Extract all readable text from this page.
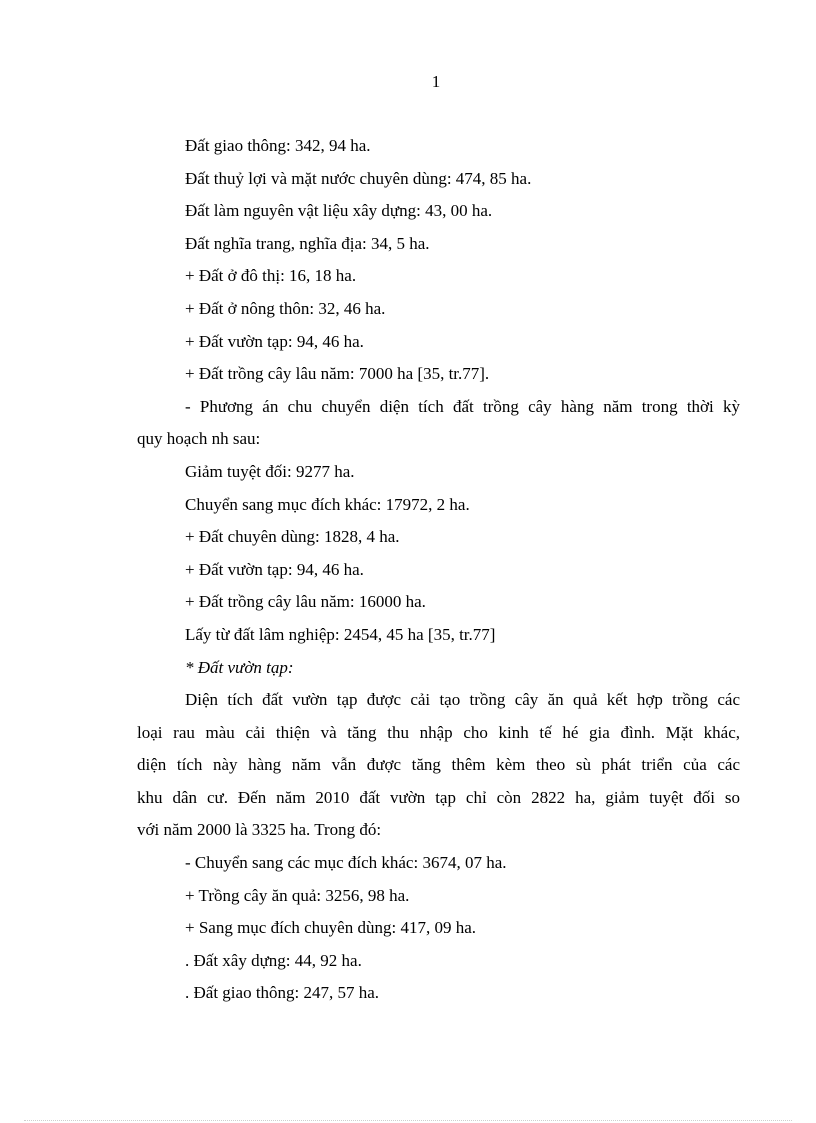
1
Đất giao thông: 342, 94 ha.
Đất thuỷ lợi và mặt nước chuyên dùng: 474, 85 ha.
Đất làm nguyên vật liệu xây dựng: 43, 00 ha.
Đất nghĩa trang, nghĩa địa: 34, 5 ha.
+ Đất ở đô thị: 16, 18 ha.
+ Đất ở nông thôn: 32, 46 ha.
+ Đất vườn tạp: 94, 46 ha.
+ Đất trồng cây lâu năm: 7000 ha [35, tr.77].
- Phương án chu chuyển diện tích đất trồng cây hàng năm trong thời kỳ
quy hoạch nh sau:
Giảm tuyệt đối: 9277 ha.
Chuyển sang mục đích khác: 17972, 2 ha.
+ Đất chuyên dùng: 1828, 4 ha.
+ Đất vườn tạp: 94, 46 ha.
+ Đất trồng cây lâu năm: 16000 ha.
Lấy từ đất lâm nghiệp: 2454, 45 ha [35, tr.77]
* Đất vườn tạp:
Diện tích đất vườn tạp được cải tạo trồng cây ăn quả kết hợp trồng các
loại rau màu cải thiện và tăng thu nhập cho kinh tế hé gia đình. Mặt khác,
diện tích này hàng năm vẫn được tăng thêm kèm theo sù phát triển của các
khu dân cư. Đến năm 2010 đất vườn tạp chỉ còn 2822 ha, giảm tuyệt đối so
với năm 2000 là 3325 ha. Trong đó:
- Chuyển sang các mục đích khác: 3674, 07 ha.
+ Trồng cây ăn quả: 3256, 98 ha.
+ Sang mục đích chuyên dùng: 417, 09 ha.
. Đất xây dựng: 44, 92 ha.
. Đất giao thông: 247, 57 ha.
